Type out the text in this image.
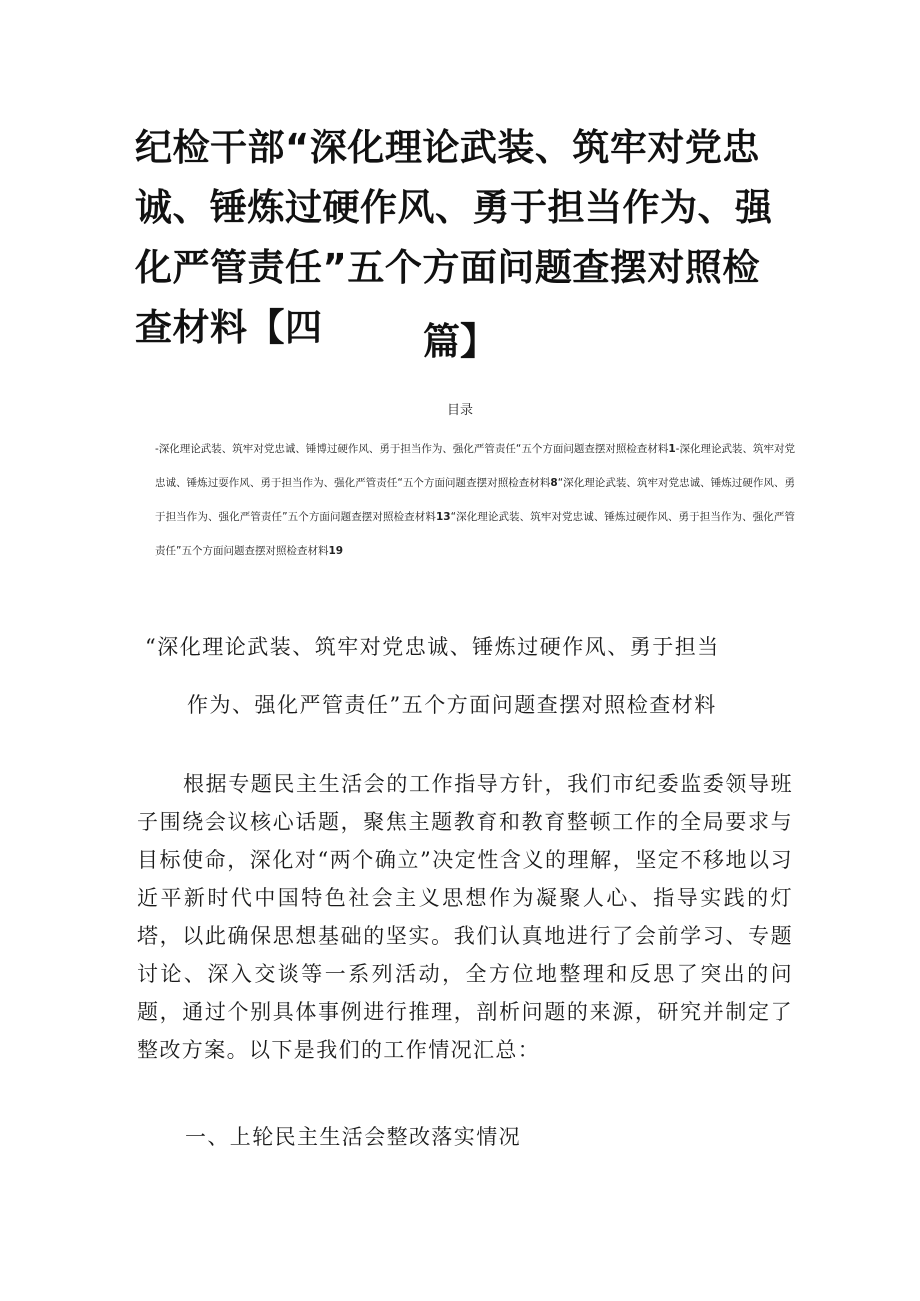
纪检干部“深化理论武装、筑牢对党忠诚、锤炼过硬作风、勇于担当作为、强化严管责任”五个方面问题查摆对照检查材料【四	篇】
目录
-深化理论武装、筑牢对党忠诚、锤博过硬作风、勇于担当作为、强化严管责任“五个方面问题查摆对照检查材料1-深化理论武装、筑牢对党忠诚、锤炼过耍作风、勇于担当作为、强化严管责任“五个方面问题查摆对照检查材料8“深化理论武装、筑牢对党忠诚、锤炼过硬作风、勇于担当作为、强化严管责任”五个方面问题查摆对照检查材料13“深化理论武装、筑牢对党忠诚、锤炼过硬作风、勇于担当作为、强化严管责任”五个方面问题查摆对照检查材料19
“深化理论武装、筑牢对党忠诚、锤炼过硬作风、勇于担当
作为、强化严管责任”五个方面问题查摆对照检查材料

根据专题民主生活会的工作指导方针，我们市纪委监委领导班子围绕会议核心话题，聚焦主题教育和教育整顿工作的全局要求与目标使命，深化对“两个确立”决定性含义的理解，坚定不移地以习近平新时代中国特色社会主义思想作为凝聚人心、指导实践的灯塔，以此确保思想基础的坚实。我们认真地进行了会前学习、专题讨论、深入交谈等一系列活动，全方位地整理和反思了突出的问题，通过个别具体事例进行推理，剖析问题的来源，研究并制定了整改方案。以下是我们的工作情况汇总：

一、上轮民主生活会整改落实情况
